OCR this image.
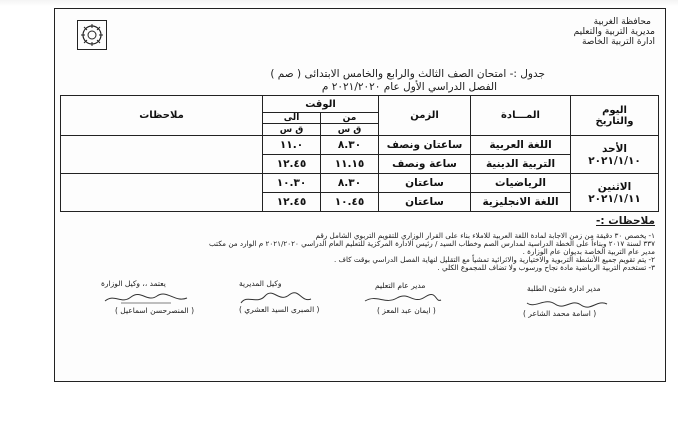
محافظة الغربية
مديرية التربية والتعليم
ادارة التربية الخاصة
جدول :- امتحان الصف الثالث والرابع والخامس الابتدائى ( صم )
الفصل الدراسي الأول عام ٢٠٢١/٢٠٢٠ م
اليوم
والتاريخ	المـــادة	الزمن	الوقت		ملاحظات
			من	الى	
			ق س	ق س	

الأحد
٢٠٢١/١/١٠	اللغة العربية	ساعتان ونصف	٨.٣٠	١١.٠	
	التربية الدينية	ساعة ونصف	١١.١٥	١٢.٤٥	

الاثنين
٢٠٢١/١/١١	الرياضيات	ساعتان	٨.٣٠	١٠.٣٠	
	اللغة الانجليزية	ساعتان	١٠.٤٥	١٢.٤٥	
ملاحظات :-
١- يخصص ٣٠ دقيقة من زمن الاجابة لمادة اللغة العربية للاملاء بناء على القرار الوزاري للتقويم التربوي الشامل رقم
٣٣٧ لسنة ٢٠١٧ وبناءاً على الخطة الدراسية لمدارس الصم وخطاب السيد / رئيس الادارة المركزية للتعليم العام الدراسي ٢٠٢١/٢٠٢٠ م الوارد من مكتب
مدير عام التربية الخاصة بديوان عام الوزارة .
٢- يتم تقويم جميع الأنشطة التربوية والاختيارية والاثرائية تمشياً مع التقليل لنهاية الفصل الدراسي بوقت كاف .
٣- تستخدم التربية الرياضية مادة نجاح ورسوب ولا تضاف للمجموع الكلي .
يعتمد ،، وكيل الوزارة	وكيل المديرية	مدير عام التعليم	مدير ادارة شئون الطلبة
( المنصرحسن اسماعيل )	( الصبرى السيد العشري )	( ايمان عبد المعز )	( اسامة محمد الشاعر )
